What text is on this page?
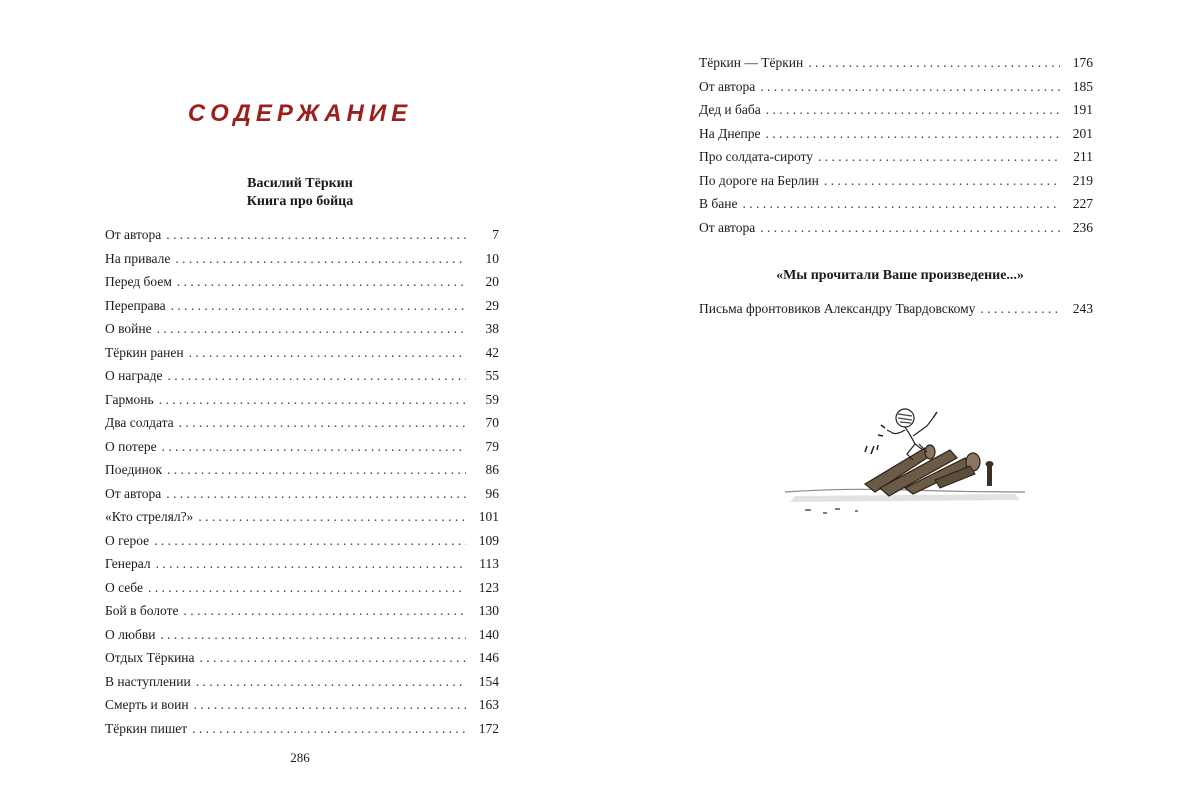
СОДЕРЖАНИЕ
Василий Тёркин
Книга про бойца
От автора . . .	7
На привале . . .	10
Перед боем . . .	20
Переправа . . .	29
О войне . . .	38
Тёркин ранен . . .	42
О награде . . .	55
Гармонь . . .	59
Два солдата . . .	70
О потере . . .	79
Поединок . . .	86
От автора . . .	96
«Кто стрелял?» . . .	101
О герое . . .	109
Генерал . . .	113
О себе . . .	123
Бой в болоте . . .	130
О любви . . .	140
Отдых Тёркина . . .	146
В наступлении . . .	154
Смерть и воин . . .	163
Тёркин пишет . . .	172
286
Тёркин — Тёркин . . .	176
От автора . . .	185
Дед и баба . . .	191
На Днепре . . .	201
Про солдата-сироту . . .	211
По дороге на Берлин . . .	219
В бане . . .	227
От автора . . .	236
«Мы прочитали Ваше произведение...»
Письма фронтовиков Александру Твардовскому . . .	243
